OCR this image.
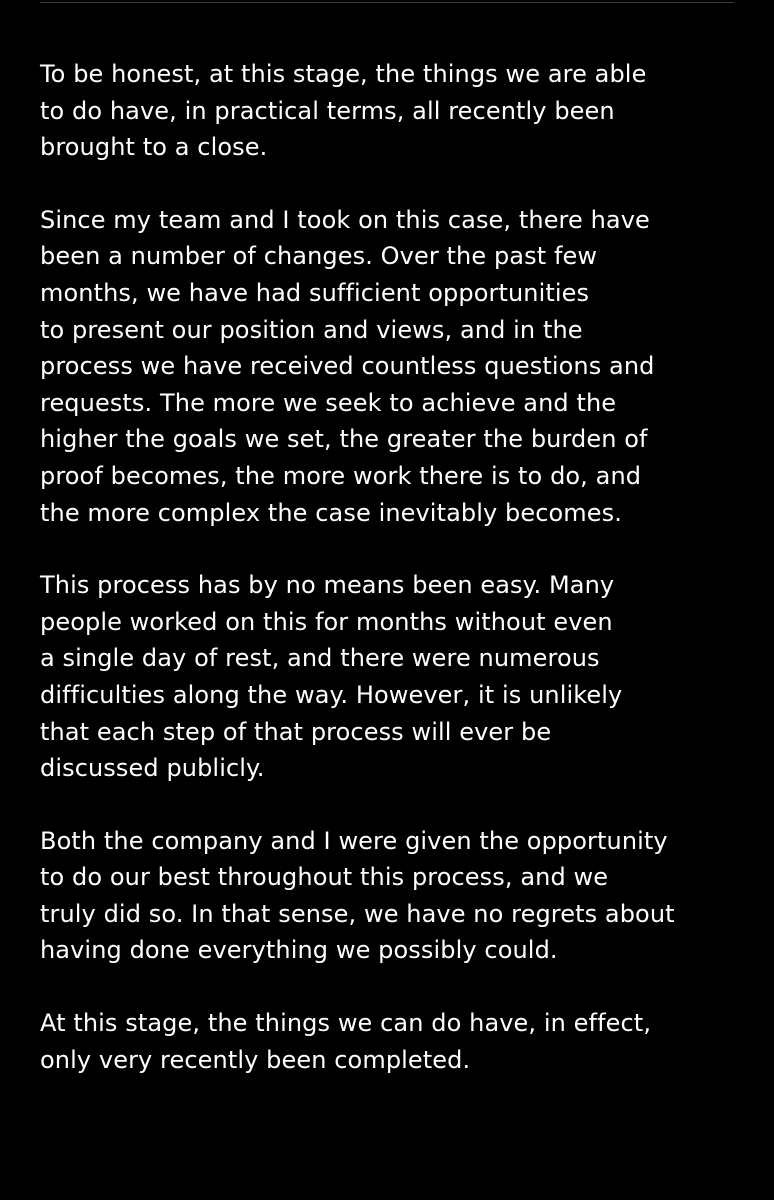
To be honest, at this stage, the things we are able
to do have, in practical terms, all recently been
brought to a close.
Since my team and I took on this case, there have
been a number of changes. Over the past few
months, we have had sufficient opportunities
to present our position and views, and in the
process we have received countless questions and
requests. The more we seek to achieve and the
higher the goals we set, the greater the burden of
proof becomes, the more work there is to do, and
the more complex the case inevitably becomes.
This process has by no means been easy. Many
people worked on this for months without even
a single day of rest, and there were numerous
difficulties along the way. However, it is unlikely
that each step of that process will ever be
discussed publicly.
Both the company and I were given the opportunity
to do our best throughout this process, and we
truly did so. In that sense, we have no regrets about
having done everything we possibly could.
At this stage, the things we can do have, in effect,
only very recently been completed.
